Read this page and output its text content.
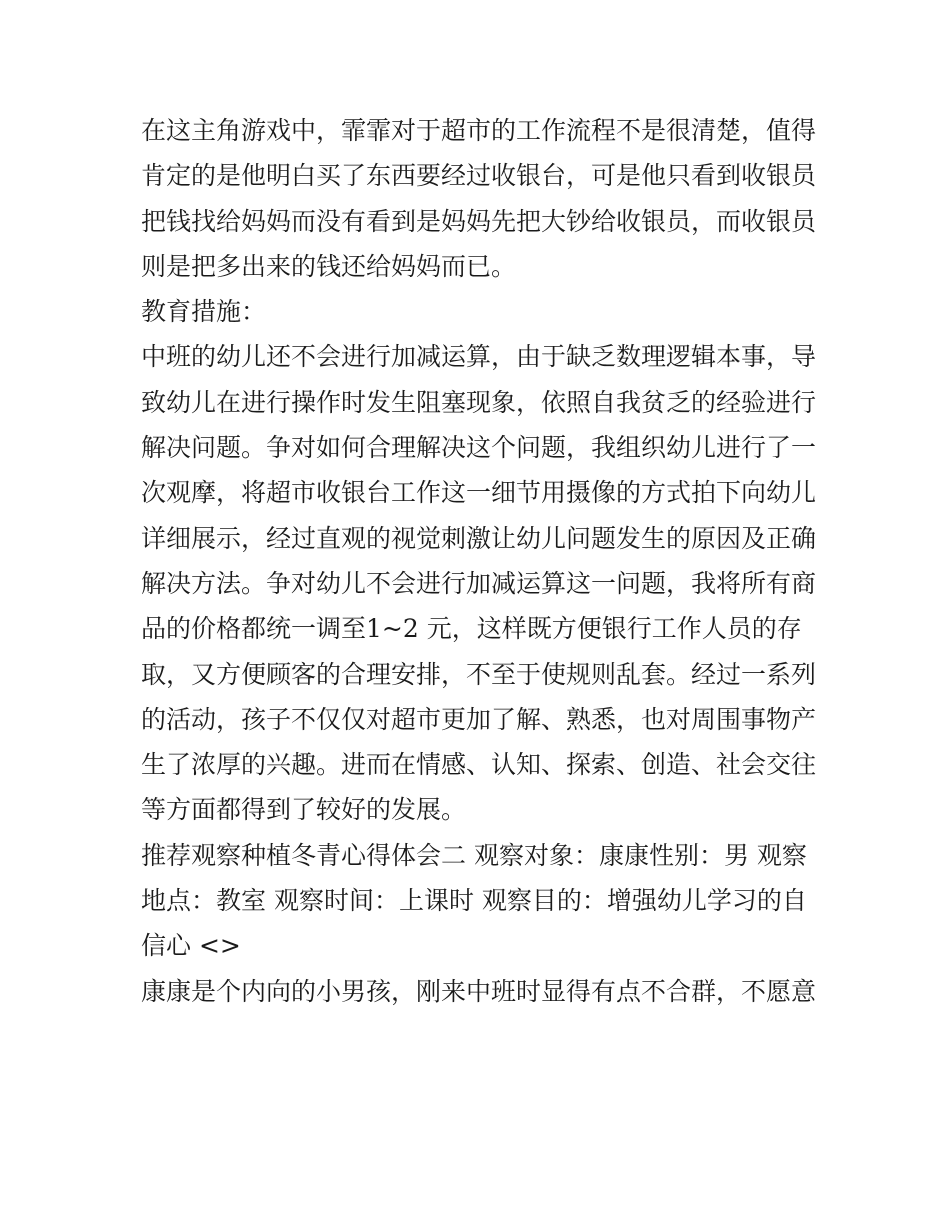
在这主角游戏中，霏霏对于超市的工作流程不是很清楚，值得
肯定的是他明白买了东西要经过收银台，可是他只看到收银员
把钱找给妈妈而没有看到是妈妈先把大钞给收银员，而收银员
则是把多出来的钱还给妈妈而已。

教育措施：

中班的幼儿还不会进行加减运算，由于缺乏数理逻辑本事，导
致幼儿在进行操作时发生阻塞现象，依照自我贫乏的经验进行
解决问题。争对如何合理解决这个问题，我组织幼儿进行了一
次观摩，将超市收银台工作这一细节用摄像的方式拍下向幼儿
详细展示，经过直观的视觉刺激让幼儿问题发生的原因及正确
解决方法。争对幼儿不会进行加减运算这一问题，我将所有商
品的价格都统一调至1~2 元，这样既方便银行工作人员的存
取，又方便顾客的合理安排，不至于使规则乱套。经过一系列
的活动，孩子不仅仅对超市更加了解、熟悉，也对周围事物产
生了浓厚的兴趣。进而在情感、认知、探索、创造、社会交往
等方面都得到了较好的发展。

推荐观察种植冬青心得体会二 观察对象：康康性别：男 观察
地点：教室 观察时间：上课时 观察目的：增强幼儿学习的自
信心 <>

康康是个内向的小男孩，刚来中班时显得有点不合群，不愿意
